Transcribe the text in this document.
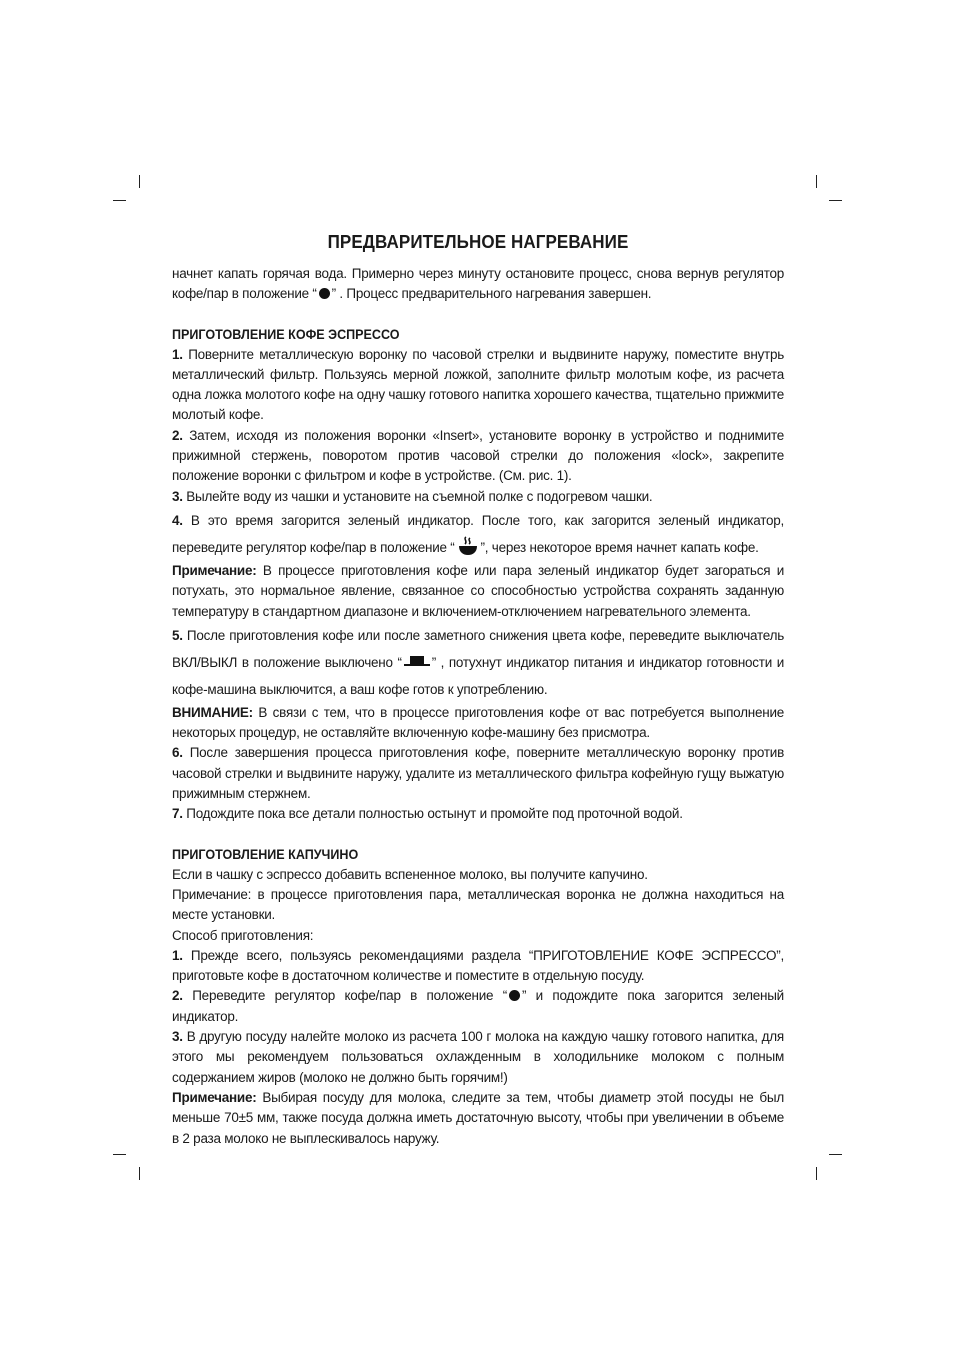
ПРЕДВАРИТЕЛЬНОЕ НАГРЕВАНИЕ

начнет капать горячая вода. Примерно через минуту остановите процесс, снова вернув регулятор кофе/пар в положение “ ” . Процесс предварительного нагревания завершен.

ПРИГОТОВЛЕНИЕ КОФЕ ЭСПРЕССО

1. Поверните металлическую воронку по часовой стрелки и выдвините наружу, поместите внутрь металлический фильтр. Пользуясь мерной ложкой, заполните фильтр молотым кофе, из расчета одна ложка молотого кофе на одну чашку готового напитка хорошего качества, тщательно прижмите молотый кофе.

2. Затем, исходя из положения воронки «Insert», установите воронку в устройство и поднимите прижимной стержень, поворотом против часовой стрелки до положения «lock», закрепите положение воронки с фильтром и кофе в устройстве. (См. рис. 1).

3. Вылейте воду из чашки и установите на съемной полке с подогревом чашки.

4. В это время загорится зеленый индикатор. После того, как загорится зеленый индикатор, переведите регулятор кофе/пар в положение “ ”, через некоторое время начнет капать кофе.

Примечание: В процессе приготовления кофе или пара зеленый индикатор будет загораться и потухать, это нормальное явление, связанное со способностью устройства сохранять заданную температуру в стандартном диапазоне и включением-отключением нагревательного элемента.

5. После приготовления кофе или после заметного снижения цвета кофе, переведите выключатель ВКЛ/ВЫКЛ в положение выключено “ ” , потухнут индикатор питания и индикатор готовности и кофе-машина выключится, а ваш кофе готов к употреблению.

ВНИМАНИЕ: В связи с тем, что в процессе приготовления кофе от вас потребуется выполнение некоторых процедур, не оставляйте включенную кофе-машину без присмотра.

6. После завершения процесса приготовления кофе, поверните металлическую воронку против часовой стрелки и выдвините наружу, удалите из металлического фильтра кофейную гущу выжатую прижимным стержнем.

7. Подождите пока все детали полностью остынут и промойте под проточной водой.

ПРИГОТОВЛЕНИЕ КАПУЧИНО

Если в чашку с эспрессо добавить вспененное молоко, вы получите капучино.

Примечание: в процессе приготовления пара, металлическая воронка не должна находиться на месте установки.

Способ приготовления:

1. Прежде всего, пользуясь рекомендациями раздела “ПРИГОТОВЛЕНИЕ КОФЕ ЭСПРЕССО”, приготовьте кофе в достаточном количестве и поместите в отдельную посуду.

2. Переведите регулятор кофе/пар в положение “ ” и подождите пока загорится зеленый индикатор.

3. В другую посуду налейте молоко из расчета 100 г молока на каждую чашку готового напитка, для этого мы рекомендуем пользоваться охлажденным в холодильнике молоком с полным содержанием жиров (молоко не должно быть горячим!)

Примечание: Выбирая посуду для молока, следите за тем, чтобы диаметр этой посуды не был меньше 70±5 мм, также посуда должна иметь достаточную высоту, чтобы при увеличении в объеме в 2 раза молоко не выплескивалось наружу.
